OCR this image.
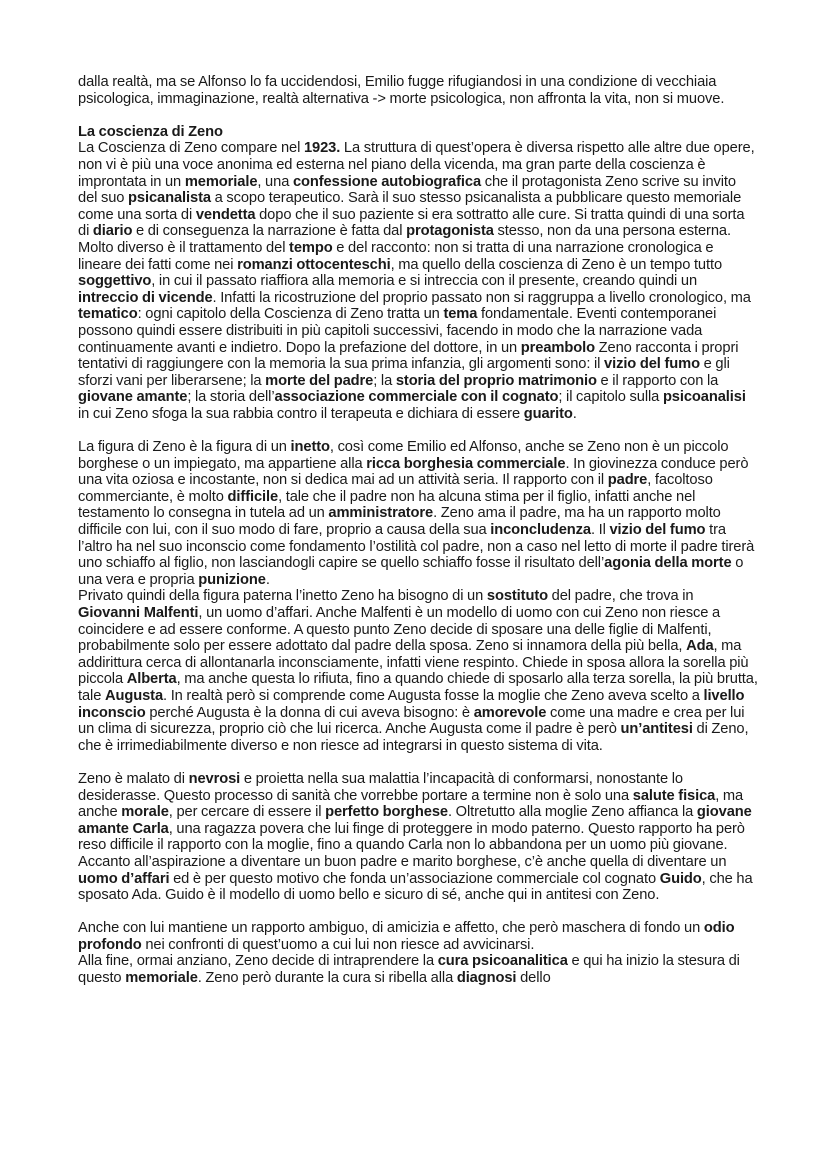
dalla realtà, ma se Alfonso lo fa uccidendosi, Emilio fugge rifugiandosi in una condizione di vecchiaia psicologica, immaginazione, realtà alternativa -> morte psicologica, non affronta la vita, non si muove.

La coscienza di Zeno

La Coscienza di Zeno compare nel 1923. La struttura di quest’opera è diversa rispetto alle altre due opere, non vi è più una voce anonima ed esterna nel piano della vicenda, ma gran parte della coscienza è improntata in un memoriale, una confessione autobiografica che il protagonista Zeno scrive su invito del suo psicanalista a scopo terapeutico. Sarà il suo stesso psicanalista a pubblicare questo memoriale come una sorta di vendetta dopo che il suo paziente si era sottratto alle cure. Si tratta quindi di una sorta di diario e di conseguenza la narrazione è fatta dal protagonista stesso, non da una persona esterna.

Molto diverso è il trattamento del tempo e del racconto: non si tratta di una narrazione cronologica e lineare dei fatti come nei romanzi ottocenteschi, ma quello della coscienza di Zeno è un tempo tutto soggettivo, in cui il passato riaffiora alla memoria e si intreccia con il presente, creando quindi un intreccio di vicende. Infatti la ricostruzione del proprio passato non si raggruppa a livello cronologico, ma tematico: ogni capitolo della Coscienza di Zeno tratta un tema fondamentale. Eventi contemporanei possono quindi essere distribuiti in più capitoli successivi, facendo in modo che la narrazione vada continuamente avanti e indietro. Dopo la prefazione del dottore, in un preambolo Zeno racconta i propri tentativi di raggiungere con la memoria la sua prima infanzia, gli argomenti sono: il vizio del fumo e gli sforzi vani per liberarsene; la morte del padre; la storia del proprio matrimonio e il rapporto con la giovane amante; la storia dell’associazione commerciale con il cognato; il capitolo sulla psicoanalisi in cui Zeno sfoga la sua rabbia contro il terapeuta e dichiara di essere guarito.

La figura di Zeno è la figura di un inetto, così come Emilio ed Alfonso, anche se Zeno non è un piccolo borghese o un impiegato, ma appartiene alla ricca borghesia commerciale. In giovinezza conduce però una vita oziosa e incostante, non si dedica mai ad un attività seria. Il rapporto con il padre, facoltoso commerciante, è molto difficile, tale che il padre non ha alcuna stima per il figlio, infatti anche nel testamento lo consegna in tutela ad un amministratore. Zeno ama il padre, ma ha un rapporto molto difficile con lui, con il suo modo di fare, proprio a causa della sua inconcludenza. Il vizio del fumo tra l’altro ha nel suo inconscio come fondamento l’ostilità col padre, non a caso nel letto di morte il padre tirerà uno schiaffo al figlio, non lasciandogli capire se quello schiaffo fosse il risultato dell’agonia della morte o una vera e propria punizione.

Privato quindi della figura paterna l’inetto Zeno ha bisogno di un sostituto del padre, che trova in Giovanni Malfenti, un uomo d’affari. Anche Malfenti è un modello di uomo con cui Zeno non riesce a coincidere e ad essere conforme. A questo punto Zeno decide di sposare una delle figlie di Malfenti, probabilmente solo per essere adottato dal padre della sposa. Zeno si innamora della più bella, Ada, ma addirittura cerca di allontanarla inconsciamente, infatti viene respinto. Chiede in sposa allora la sorella più piccola Alberta, ma anche questa lo rifiuta, fino a quando chiede di sposarlo alla terza sorella, la più brutta, tale Augusta. In realtà però si comprende come Augusta fosse la moglie che Zeno aveva scelto a livello inconscio perché Augusta è la donna di cui aveva bisogno: è amorevole come una madre e crea per lui un clima di sicurezza, proprio ciò che lui ricerca. Anche Augusta come il padre è però un’antitesi di Zeno, che è irrimediabilmente diverso e non riesce ad integrarsi in questo sistema di vita.

Zeno è malato di nevrosi e proietta nella sua malattia l’incapacità di conformarsi, nonostante lo desiderasse. Questo processo di sanità che vorrebbe portare a termine non è solo una salute fisica, ma anche morale, per cercare di essere il perfetto borghese. Oltretutto alla moglie Zeno affianca la giovane amante Carla, una ragazza povera che lui finge di proteggere in modo paterno. Questo rapporto ha però reso difficile il rapporto con la moglie, fino a quando Carla non lo abbandona per un uomo più giovane. Accanto all’aspirazione a diventare un buon padre e marito borghese, c’è anche quella di diventare un uomo d’affari ed è per questo motivo che fonda un’associazione commerciale col cognato Guido, che ha sposato Ada. Guido è il modello di uomo bello e sicuro di sé, anche qui in antitesi con Zeno.

Anche con lui mantiene un rapporto ambiguo, di amicizia e affetto, che però maschera di fondo un odio profondo nei confronti di quest’uomo a cui lui non riesce ad avvicinarsi.

Alla fine, ormai anziano, Zeno decide di intraprendere la cura psicoanalitica e qui ha inizio la stesura di questo memoriale. Zeno però durante la cura si ribella alla diagnosi dello
